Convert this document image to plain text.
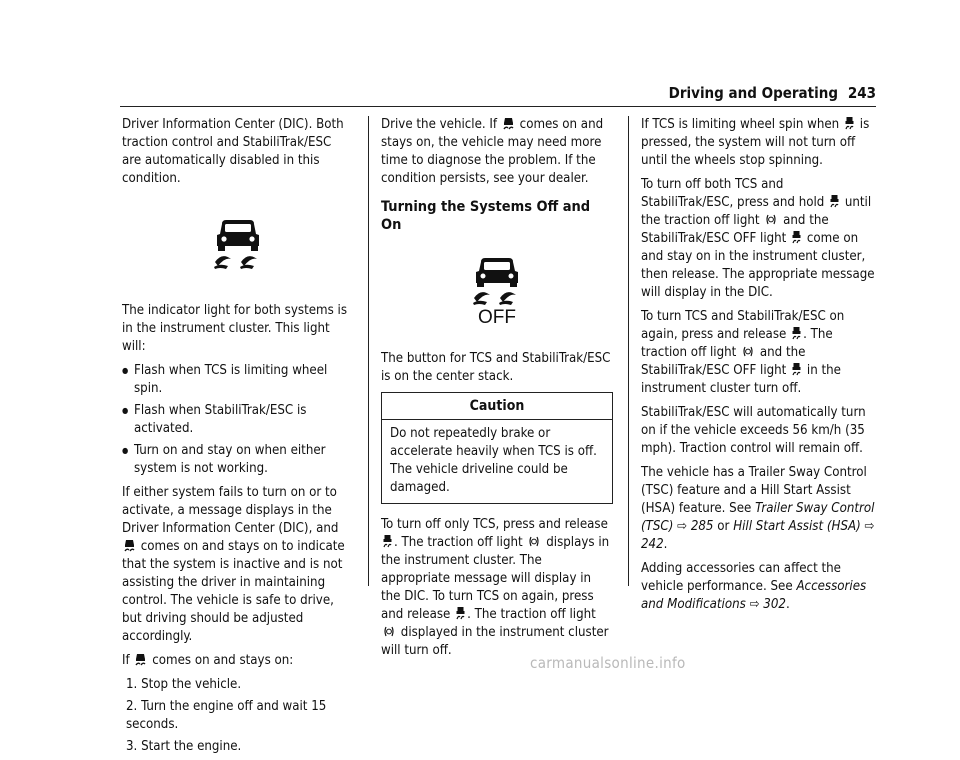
Driving and Operating 243

Driver Information Center (DIC). Both traction control and StabiliTrak/ESC are automatically disabled in this condition.

The indicator light for both systems is in the instrument cluster. This light will:

● Flash when TCS is limiting wheel spin.
● Flash when StabiliTrak/ESC is activated.
● Turn on and stay on when either system is not working.

If either system fails to turn on or to activate, a message displays in the Driver Information Center (DIC), and  comes on and stays on to indicate that the system is inactive and is not assisting the driver in maintaining control. The vehicle is safe to drive, but driving should be adjusted accordingly.

If comes on and stays on:

1. Stop the vehicle.
2. Turn the engine off and wait 15 seconds.
3. Start the engine.

Drive the vehicle. If comes on and stays on, the vehicle may need more time to diagnose the problem. If the condition persists, see your dealer.

Turning the Systems Off and On
OFF

The button for TCS and StabiliTrak/ESC is on the center stack.

Caution
Do not repeatedly brake or accelerate heavily when TCS is off. The vehicle driveline could be damaged.

To turn off only TCS, press and release . The traction off light displays in the instrument cluster. The appropriate message will display in the DIC. To turn TCS on again, press and release . The traction off light  displayed in the instrument cluster will turn off.

If TCS is limiting wheel spin when is pressed, the system will not turn off until the wheels stop spinning.

To turn off both TCS and StabiliTrak/ESC, press and hold until the traction off light and the StabiliTrak/ESC OFF light come on and stay on in the instrument cluster, then release. The appropriate message will display in the DIC.

To turn TCS and StabiliTrak/ESC on again, press and release . The traction off light and the StabiliTrak/ESC OFF light in the instrument cluster turn off.

StabiliTrak/ESC will automatically turn on if the vehicle exceeds 56 km/h (35 mph). Traction control will remain off.

The vehicle has a Trailer Sway Control (TSC) feature and a Hill Start Assist (HSA) feature. See Trailer Sway Control (TSC) ⇨ 285 or Hill Start Assist (HSA) ⇨ 242.

Adding accessories can affect the vehicle performance. See Accessories and Modifications ⇨ 302.

carmanualsonline.info
